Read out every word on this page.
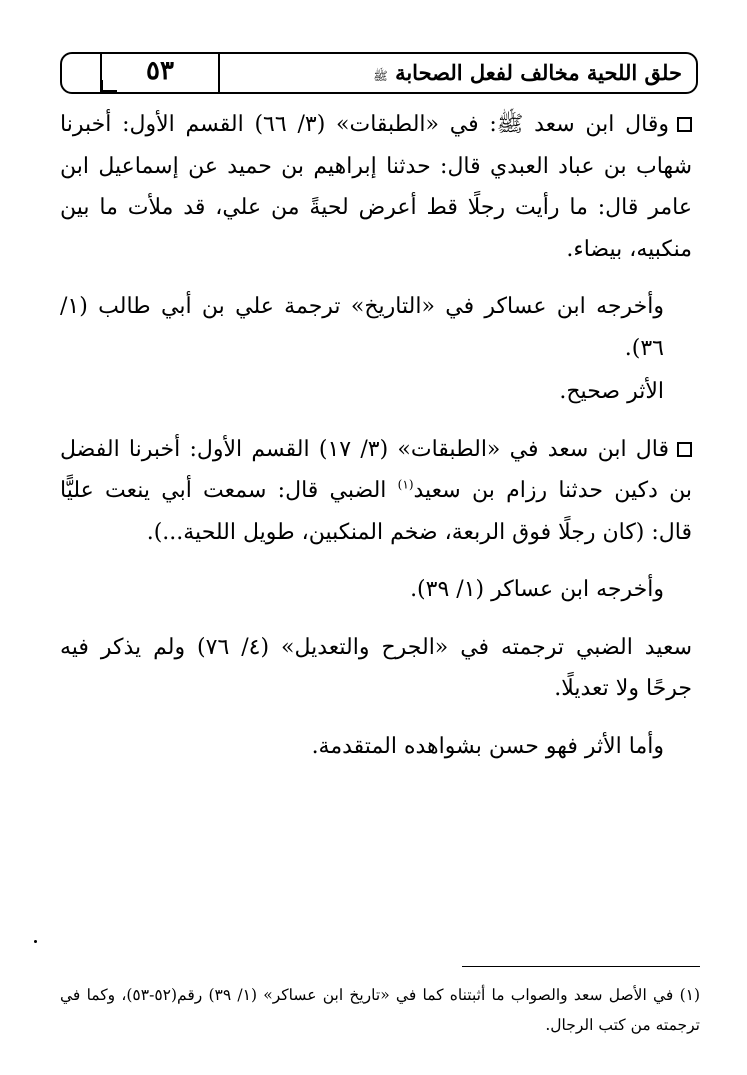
٥٣	حلق اللحية مخالف لفعل الصحابة ﷺ

وقال ابن سعد ﷺ: في «الطبقات» (٣/ ٦٦) القسم الأول: أخبرنا شهاب بن عباد العبدي قال: حدثنا إبراهيم بن حميد عن إسماعيل ابن عامر قال: ما رأيت رجلًا قط أعرض لحيةً من علي، قد ملأت ما بين منكبيه، بيضاء.

وأخرجه ابن عساكر في «التاريخ» ترجمة علي بن أبي طالب (١/ ٣٦).

الأثر صحيح.

قال ابن سعد في «الطبقات» (٣/ ١٧) القسم الأول: أخبرنا الفضل بن دكين حدثنا رزام بن سعيد$^{(١)}$ الضبي قال: سمعت أبي ينعت عليًّا قال: (كان رجلًا فوق الربعة، ضخم المنكبين، طويل اللحية...).

وأخرجه ابن عساكر (١/ ٣٩).

سعيد الضبي ترجمته في «الجرح والتعديل» (٤/ ٧٦) ولم يذكر فيه جرحًا ولا تعديلًا.

وأما الأثر فهو حسن بشواهده المتقدمة.

(١) في الأصل سعد والصواب ما أثبتناه كما في «تاريخ ابن عساكر» (١/ ٣٩) رقم(٥٢-٥٣)، وكما في ترجمته من كتب الرجال.
